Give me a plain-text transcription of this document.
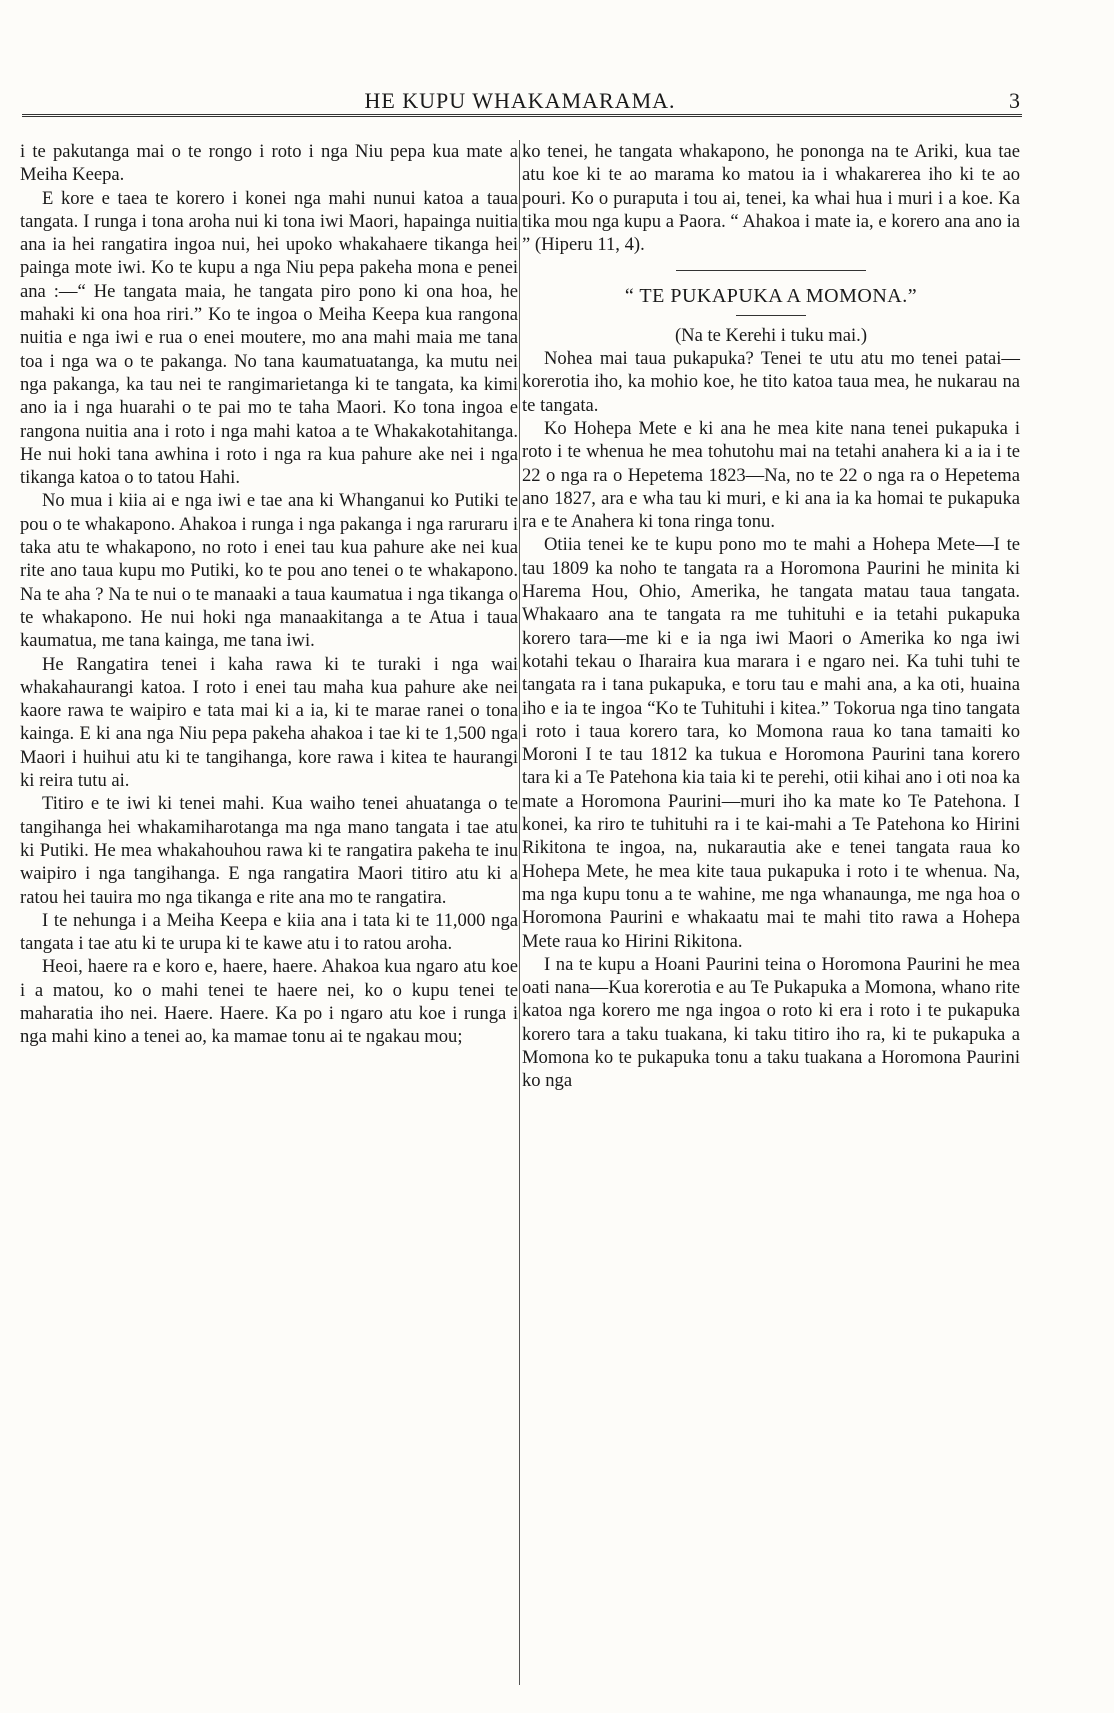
HE KUPU WHAKAMARAMA.	3

i te pakutanga mai o te rongo i roto i nga Niu pepa kua mate a Meiha Keepa.

E kore e taea te korero i konei nga mahi nunui katoa a taua tangata. I runga i tona aroha nui ki tona iwi Maori, hapainga nuitia ana ia hei rangatira ingoa nui, hei upoko whakahaere tikanga hei painga mote iwi. Ko te kupu a nga Niu pepa pakeha mona e penei ana :—“ He tangata maia, he tangata piro pono ki ona hoa, he mahaki ki ona hoa riri.” Ko te ingoa o Meiha Keepa kua rangona nuitia e nga iwi e rua o enei moutere, mo ana mahi maia me tana toa i nga wa o te pakanga. No tana kaumatuatanga, ka mutu nei nga pakanga, ka tau nei te rangimarietanga ki te tangata, ka kimi ano ia i nga huarahi o te pai mo te taha Maori. Ko tona ingoa e rangona nuitia ana i roto i nga mahi katoa a te Whakakotahitanga. He nui hoki tana awhina i roto i nga ra kua pahure ake nei i nga tikanga katoa o to tatou Hahi.

No mua i kiia ai e nga iwi e tae ana ki Whanganui ko Putiki te pou o te whakapono. Ahakoa i runga i nga pakanga i nga raruraru i taka atu te whakapono, no roto i enei tau kua pahure ake nei kua rite ano taua kupu mo Putiki, ko te pou ano tenei o te whakapono. Na te aha ? Na te nui o te manaaki a taua kaumatua i nga tikanga o te whakapono. He nui hoki nga manaakitanga a te Atua i taua kaumatua, me tana kainga, me tana iwi.

He Rangatira tenei i kaha rawa ki te turaki i nga wai whakahaurangi katoa. I roto i enei tau maha kua pahure ake nei kaore rawa te waipiro e tata mai ki a ia, ki te marae ranei o tona kainga. E ki ana nga Niu pepa pakeha ahakoa i tae ki te 1,500 nga Maori i huihui atu ki te tangihanga, kore rawa i kitea te haurangi ki reira tutu ai.

Titiro e te iwi ki tenei mahi. Kua waiho tenei ahuatanga o te tangihanga hei whakamiharotanga ma nga mano tangata i tae atu ki Putiki. He mea whakahouhou rawa ki te rangatira pakeha te inu waipiro i nga tangihanga. E nga rangatira Maori titiro atu ki a ratou hei tauira mo nga tikanga e rite ana mo te rangatira.

I te nehunga i a Meiha Keepa e kiia ana i tata ki te 11,000 nga tangata i tae atu ki te urupa ki te kawe atu i to ratou aroha.

Heoi, haere ra e koro e, haere, haere. Ahakoa kua ngaro atu koe i a matou, ko o mahi tenei te haere nei, ko o kupu tenei te maharatia iho nei. Haere. Haere. Ka po i ngaro atu koe i runga i nga mahi kino a tenei ao, ka mamae tonu ai te ngakau mou;

ko tenei, he tangata whakapono, he pononga na te Ariki, kua tae atu koe ki te ao marama ko matou ia i whakarerea iho ki te ao pouri. Ko o puraputa i tou ai, tenei, ka whai hua i muri i a koe. Ka tika mou nga kupu a Paora. “ Ahakoa i mate ia, e korero ana ano ia ” (Hiperu 11, 4).

“ TE PUKAPUKA A MOMONA.”

(Na te Kerehi i tuku mai.)

Nohea mai taua pukapuka? Tenei te utu atu mo tenei patai—korerotia iho, ka mohio koe, he tito katoa taua mea, he nukarau na te tangata.

Ko Hohepa Mete e ki ana he mea kite nana tenei pukapuka i roto i te whenua he mea tohutohu mai na tetahi anahera ki a ia i te 22 o nga ra o Hepetema 1823—Na, no te 22 o nga ra o Hepetema ano 1827, ara e wha tau ki muri, e ki ana ia ka homai te pukapuka ra e te Anahera ki tona ringa tonu.

Otiia tenei ke te kupu pono mo te mahi a Hohepa Mete—I te tau 1809 ka noho te tangata ra a Horomona Paurini he minita ki Harema Hou, Ohio, Amerika, he tangata matau taua tangata. Whakaaro ana te tangata ra me tuhituhi e ia tetahi pukapuka korero tara—me ki e ia nga iwi Maori o Amerika ko nga iwi kotahi tekau o Iharaira kua marara i e ngaro nei. Ka tuhi tuhi te tangata ra i tana pukapuka, e toru tau e mahi ana, a ka oti, huaina iho e ia te ingoa “Ko te Tuhituhi i kitea.” Tokorua nga tino tangata i roto i taua korero tara, ko Momona raua ko tana tamaiti ko Moroni I te tau 1812 ka tukua e Horomona Paurini tana korero tara ki a Te Patehona kia taia ki te perehi, otii kihai ano i oti noa ka mate a Horomona Paurini—muri iho ka mate ko Te Patehona. I konei, ka riro te tuhituhi ra i te kai-mahi a Te Patehona ko Hirini Rikitona te ingoa, na, nukarautia ake e tenei tangata raua ko Hohepa Mete, he mea kite taua pukapuka i roto i te whenua. Na, ma nga kupu tonu a te wahine, me nga whanaunga, me nga hoa o Horomona Paurini e whakaatu mai te mahi tito rawa a Hohepa Mete raua ko Hirini Rikitona.

I na te kupu a Hoani Paurini teina o Horomona Paurini he mea oati nana—Kua korerotia e au Te Pukapuka a Momona, whano rite katoa nga korero me nga ingoa o roto ki era i roto i te pukapuka korero tara a taku tuakana, ki taku titiro iho ra, ki te pukapuka a Momona ko te pukapuka tonu a taku tuakana a Horomona Paurini ko nga
